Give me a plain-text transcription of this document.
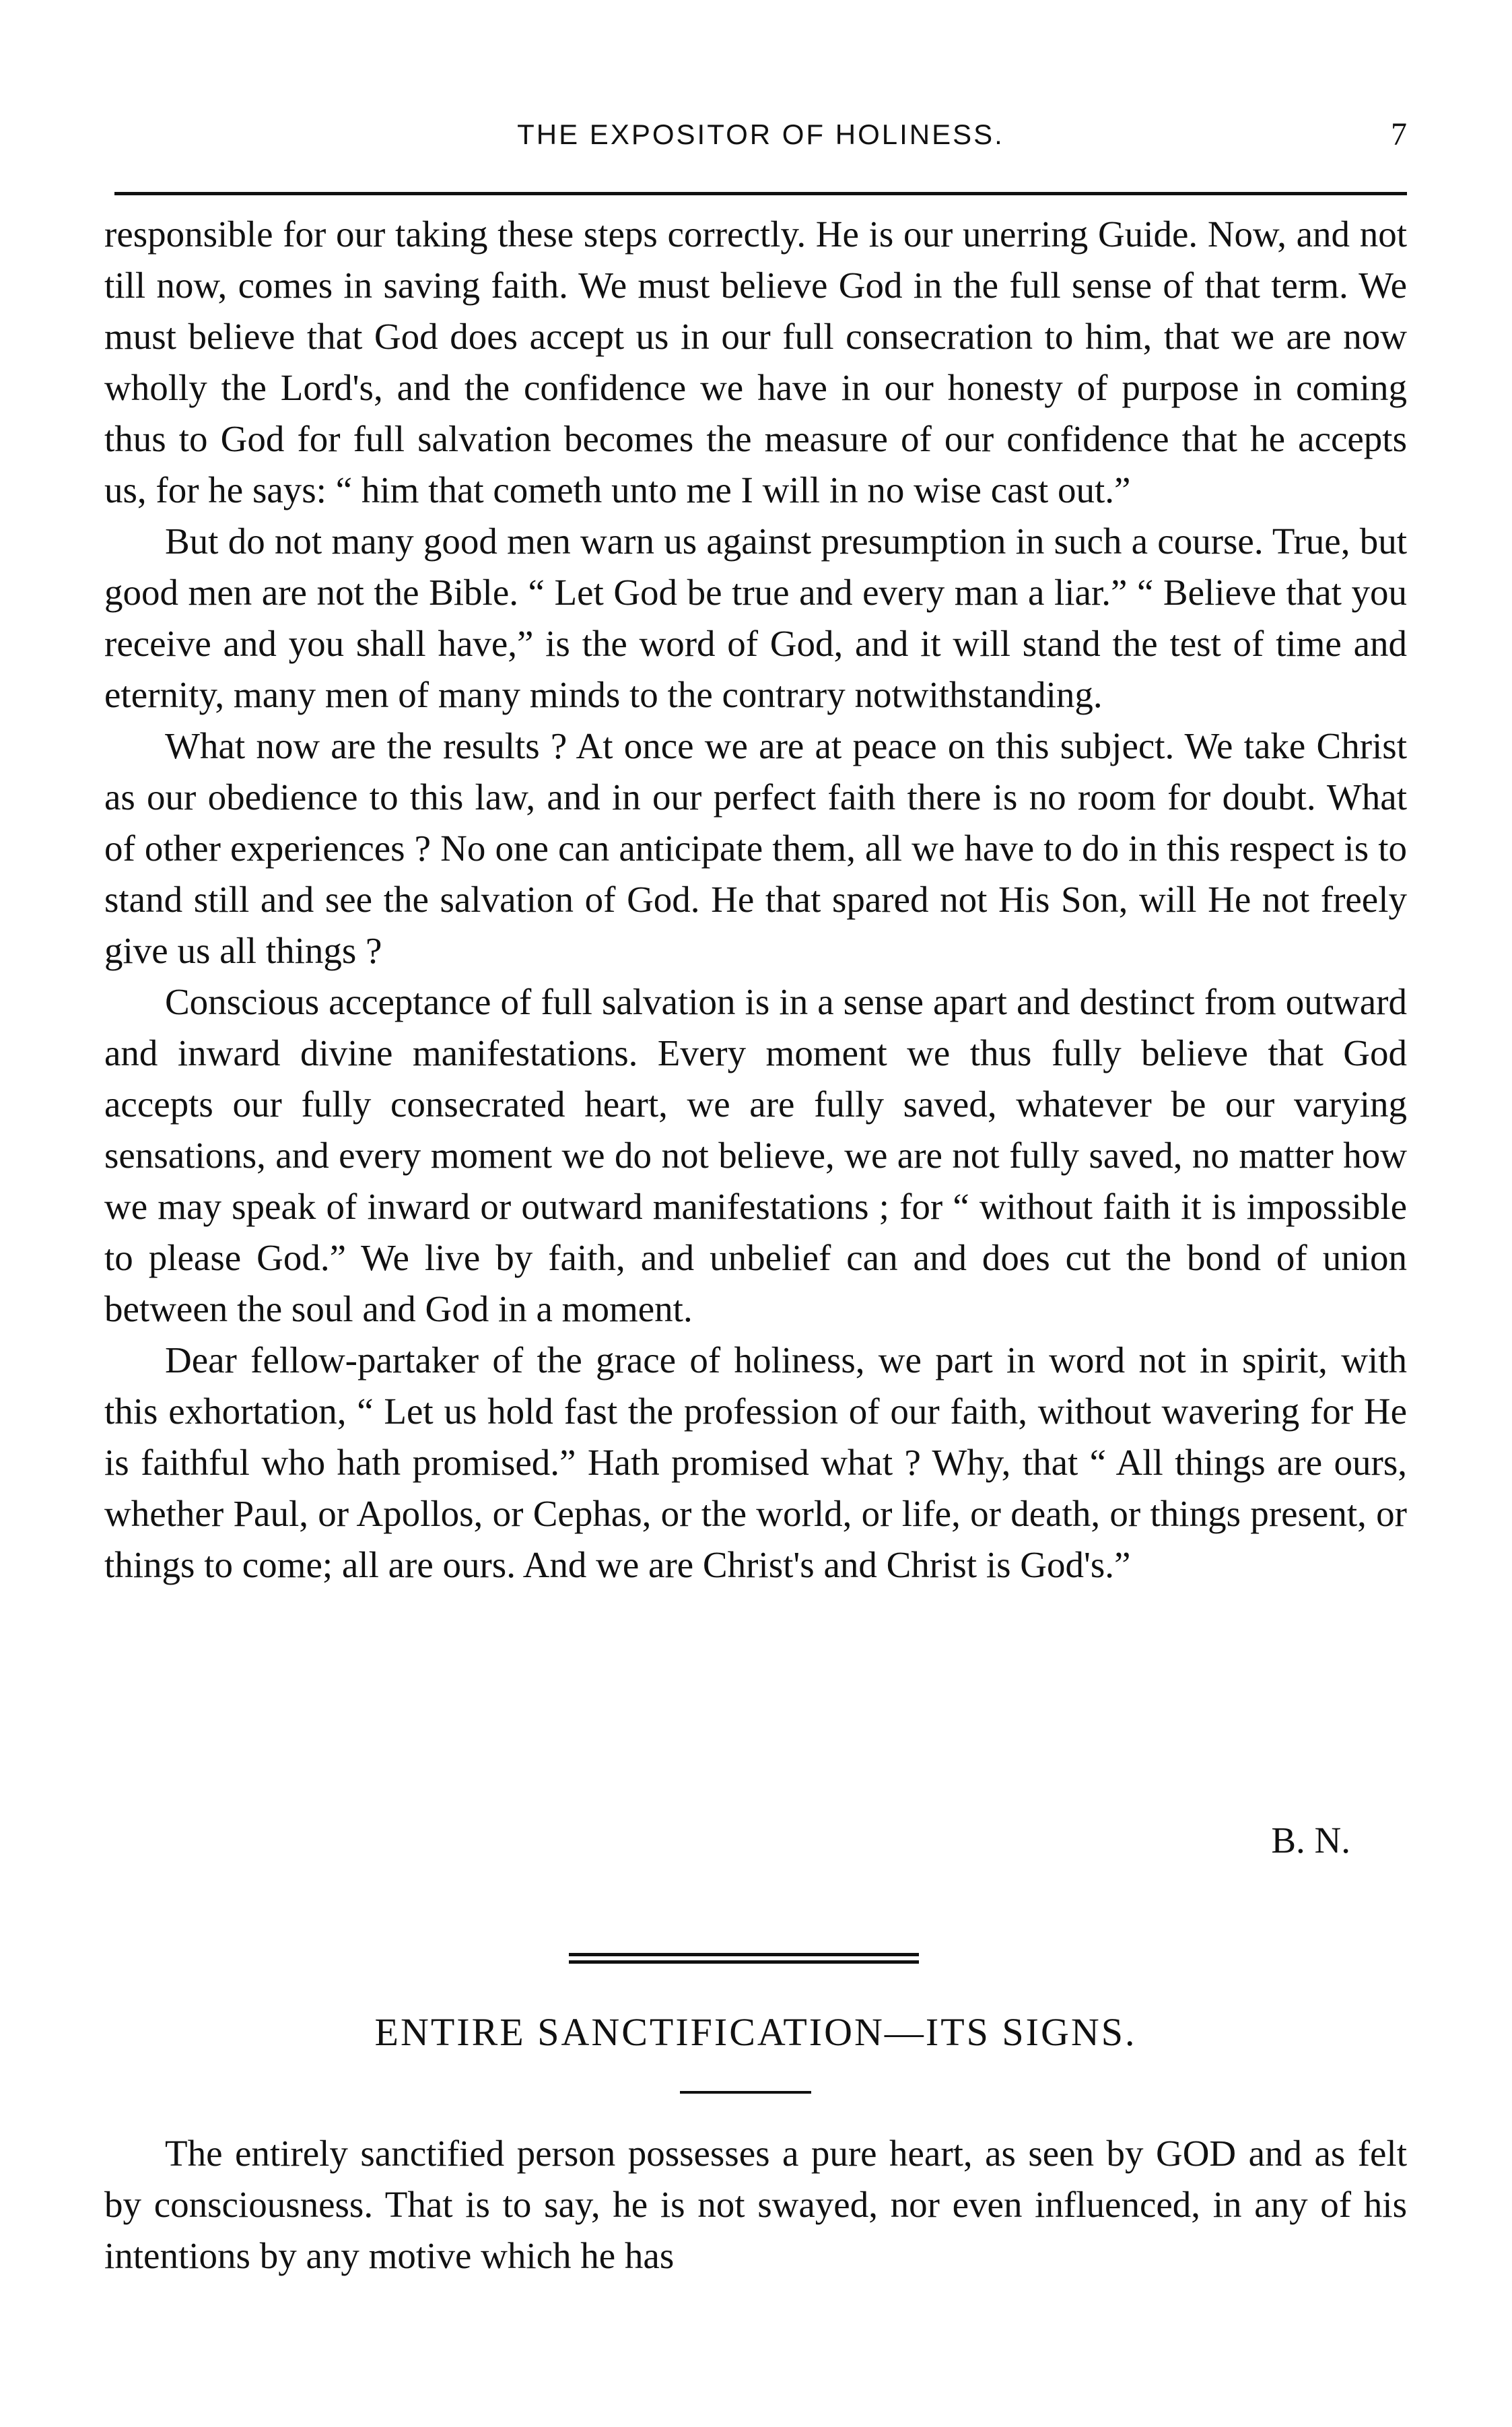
THE EXPOSITOR OF HOLINESS.	7

responsible for our taking these steps correctly. He is our unerring Guide. Now, and not till now, comes in saving faith. We must believe God in the full sense of that term. We must believe that God does accept us in our full consecration to him, that we are now wholly the Lord's, and the confidence we have in our honesty of purpose in coming thus to God for full salvation becomes the measure of our confidence that he accepts us, for he says: “ him that cometh unto me I will in no wise cast out.”

But do not many good men warn us against presumption in such a course. True, but good men are not the Bible. “ Let God be true and every man a liar.” “ Believe that you receive and you shall have,” is the word of God, and it will stand the test of time and eternity, many men of many minds to the contrary notwithstanding.

What now are the results ? At once we are at peace on this subject. We take Christ as our obedience to this law, and in our perfect faith there is no room for doubt. What of other experiences ? No one can anticipate them, all we have to do in this respect is to stand still and see the salvation of God. He that spared not His Son, will He not freely give us all things ?

Conscious acceptance of full salvation is in a sense apart and destinct from outward and inward divine manifestations. Every moment we thus fully believe that God accepts our fully consecrated heart, we are fully saved, whatever be our varying sensations, and every moment we do not believe, we are not fully saved, no matter how we may speak of inward or outward manifestations ; for “ without faith it is impossible to please God.” We live by faith, and unbelief can and does cut the bond of union between the soul and God in a moment.

Dear fellow-partaker of the grace of holiness, we part in word not in spirit, with this exhortation, “ Let us hold fast the profession of our faith, without wavering for He is faithful who hath promised.” Hath promised what ? Why, that “ All things are ours, whether Paul, or Apollos, or Cephas, or the world, or life, or death, or things present, or things to come; all are ours. And we are Christ's and Christ is God's.”

B. N.
ENTIRE SANCTIFICATION—ITS SIGNS.

The entirely sanctified person possesses a pure heart, as seen by GOD and as felt by consciousness. That is to say, he is not swayed, nor even influenced, in any of his intentions by any motive which he has
